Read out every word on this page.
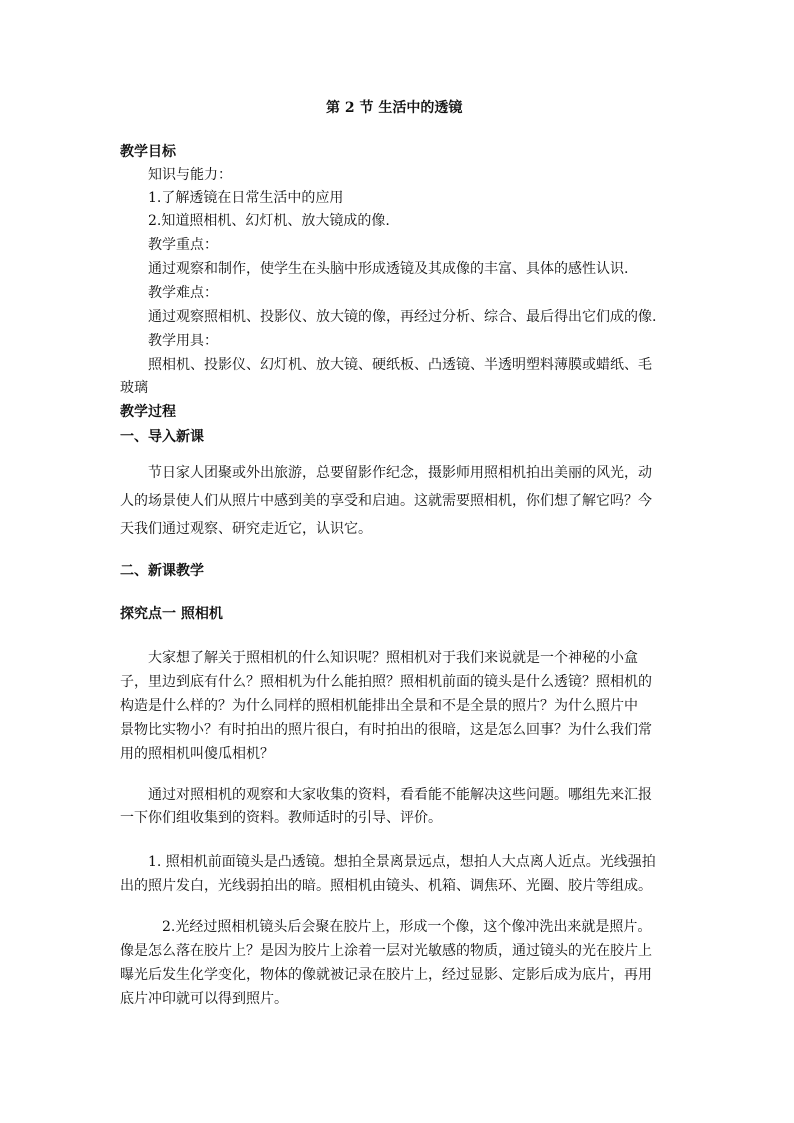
第 2 节 生活中的透镜

教学目标

知识与能力：

1.了解透镜在日常生活中的应用

2.知道照相机、幻灯机、放大镜成的像.

教学重点：

通过观察和制作，使学生在头脑中形成透镜及其成像的丰富、具体的感性认识.

教学难点：

通过观察照相机、投影仪、放大镜的像，再经过分析、综合、最后得出它们成的像.

教学用具：

照相机、投影仪、幻灯机、放大镜、硬纸板、凸透镜、半透明塑料薄膜或蜡纸、毛

玻璃

教学过程

一、导入新课

节日家人团聚或外出旅游，总要留影作纪念，摄影师用照相机拍出美丽的风光，动

人的场景使人们从照片中感到美的享受和启迪。这就需要照相机，你们想了解它吗？今

天我们通过观察、研究走近它，认识它。

二、新课教学

探究点一 照相机

大家想了解关于照相机的什么知识呢？照相机对于我们来说就是一个神秘的小盒

子，里边到底有什么？照相机为什么能拍照？照相机前面的镜头是什么透镜？照相机的

构造是什么样的？为什么同样的照相机能排出全景和不是全景的照片？为什么照片中

景物比实物小？有时拍出的照片很白，有时拍出的很暗，这是怎么回事？为什么我们常

用的照相机叫傻瓜相机？

通过对照相机的观察和大家收集的资料，看看能不能解决这些问题。哪组先来汇报

一下你们组收集到的资料。教师适时的引导、评价。

1. 照相机前面镜头是凸透镜。想拍全景离景远点，想拍人大点离人近点。光线强拍

出的照片发白，光线弱拍出的暗。照相机由镜头、机箱、调焦环、光圈、胶片等组成。

2.光经过照相机镜头后会聚在胶片上，形成一个像，这个像冲洗出来就是照片。

像是怎么落在胶片上？是因为胶片上涂着一层对光敏感的物质，通过镜头的光在胶片上

曝光后发生化学变化，物体的像就被记录在胶片上，经过显影、定影后成为底片，再用

底片冲印就可以得到照片。
